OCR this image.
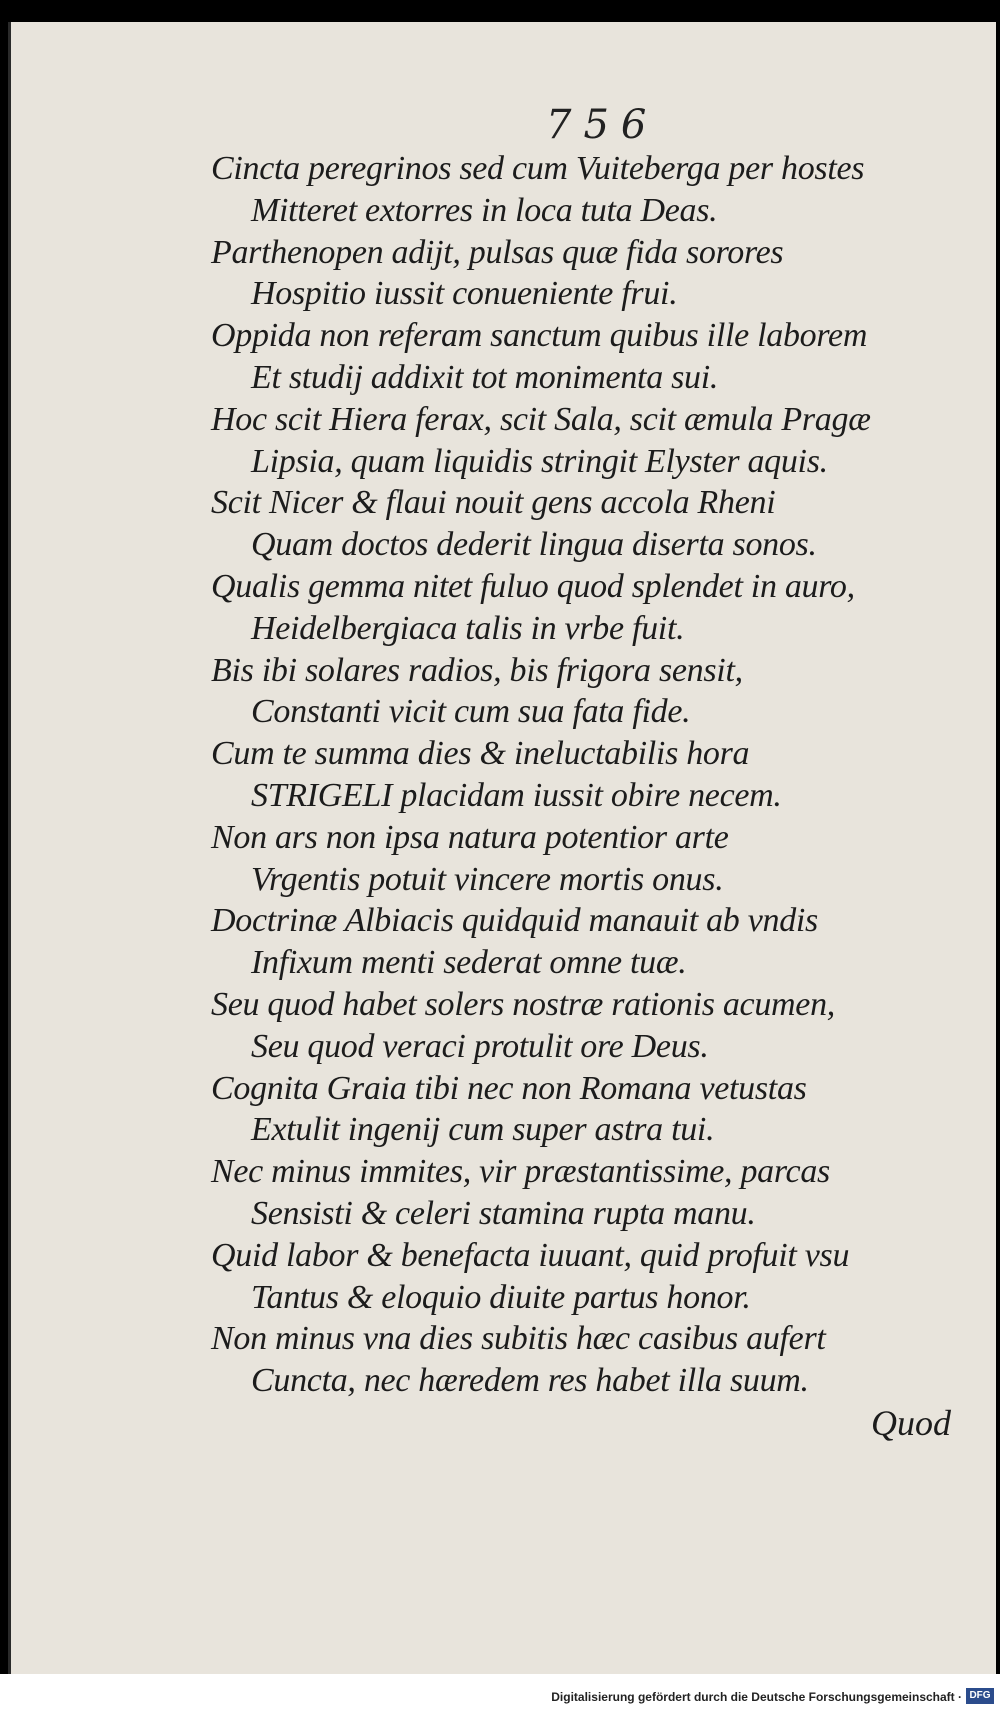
756
Cincta peregrinos sed cum Vuiteberga per hostes
Mitteret extorres in loca tuta Deas.
Parthenopen adijt, pulsas quæ fida sorores
Hospitio iussit conueniente frui.
Oppida non referam sanctum quibus ille laborem
Et studij addixit tot monimenta sui.
Hoc scit Hiera ferax, scit Sala, scit æmula Pragæ
Lipsia, quam liquidis stringit Elyster aquis.
Scit Nicer & flaui nouit gens accola Rheni
Quam doctos dederit lingua diserta sonos.
Qualis gemma nitet fuluo quod splendet in auro,
Heidelbergiaca talis in vrbe fuit.
Bis ibi solares radios, bis frigora sensit,
Constanti vicit cum sua fata fide.
Cum te summa dies & ineluctabilis hora
STRIGELI placidam iussit obire necem.
Non ars non ipsa natura potentior arte
Vrgentis potuit vincere mortis onus.
Doctrinæ Albiacis quidquid manauit ab vndis
Infixum menti sederat omne tuæ.
Seu quod habet solers nostræ rationis acumen,
Seu quod veraci protulit ore Deus.
Cognita Graia tibi nec non Romana vetustas
Extulit ingenij cum super astra tui.
Nec minus immites, vir præstantissime, parcas
Sensisti & celeri stamina rupta manu.
Quid labor & benefacta iuuant, quid profuit vsu
Tantus & eloquio diuite partus honor.
Non minus vna dies subitis hæc casibus aufert
Cuncta, nec hæredem res habet illa suum.
Quod
Digitalisierung gefördert durch die Deutsche Forschungsgemeinschaft · DFG
